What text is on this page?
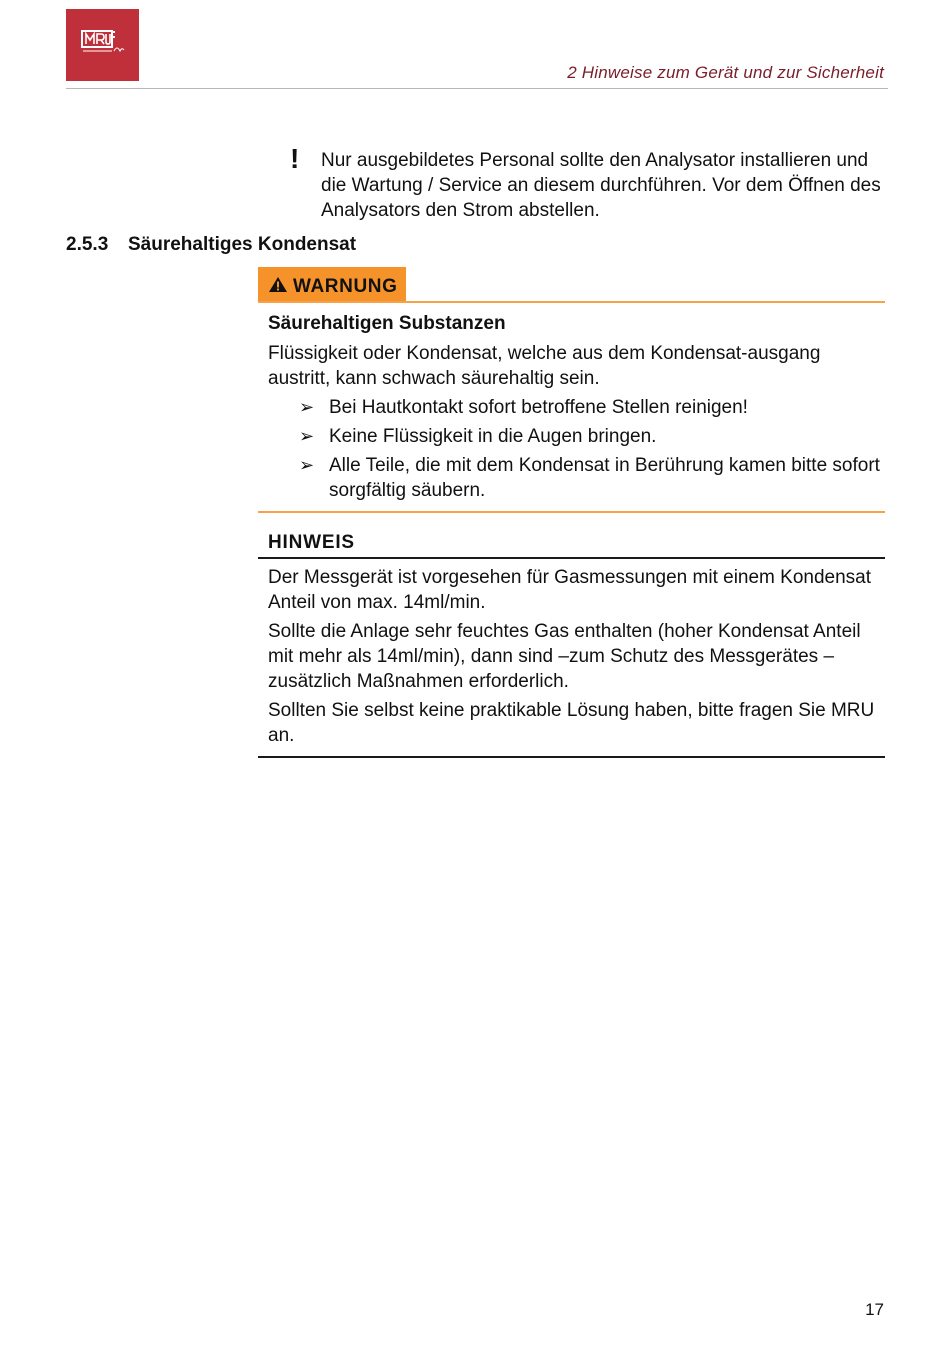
2 Hinweise zum Gerät und zur Sicherheit
! Nur ausgebildetes Personal sollte den Analysator installieren und die Wartung / Service an diesem durchführen. Vor dem Öffnen des Analysators den Strom abstellen.
2.5.3 Säurehaltiges Kondensat
WARNUNG
Säurehaltigen Substanzen
Flüssigkeit oder Kondensat, welche aus dem Kondensat-ausgang austritt, kann schwach säurehaltig sein.
➢ Bei Hautkontakt sofort betroffene Stellen reinigen!
➢ Keine Flüssigkeit in die Augen bringen.
➢ Alle Teile, die mit dem Kondensat in Berührung kamen bitte sofort sorgfältig säubern.
HINWEIS

Der Messgerät ist vorgesehen für Gasmessungen mit einem Kondensat Anteil von max. 14ml/min.

Sollte die Anlage sehr feuchtes Gas enthalten (hoher Kondensat Anteil mit mehr als 14ml/min), dann sind –zum Schutz des Messgerätes – zusätzlich Maßnahmen erforderlich.

Sollten Sie selbst keine praktikable Lösung haben, bitte fragen Sie MRU an.

17
